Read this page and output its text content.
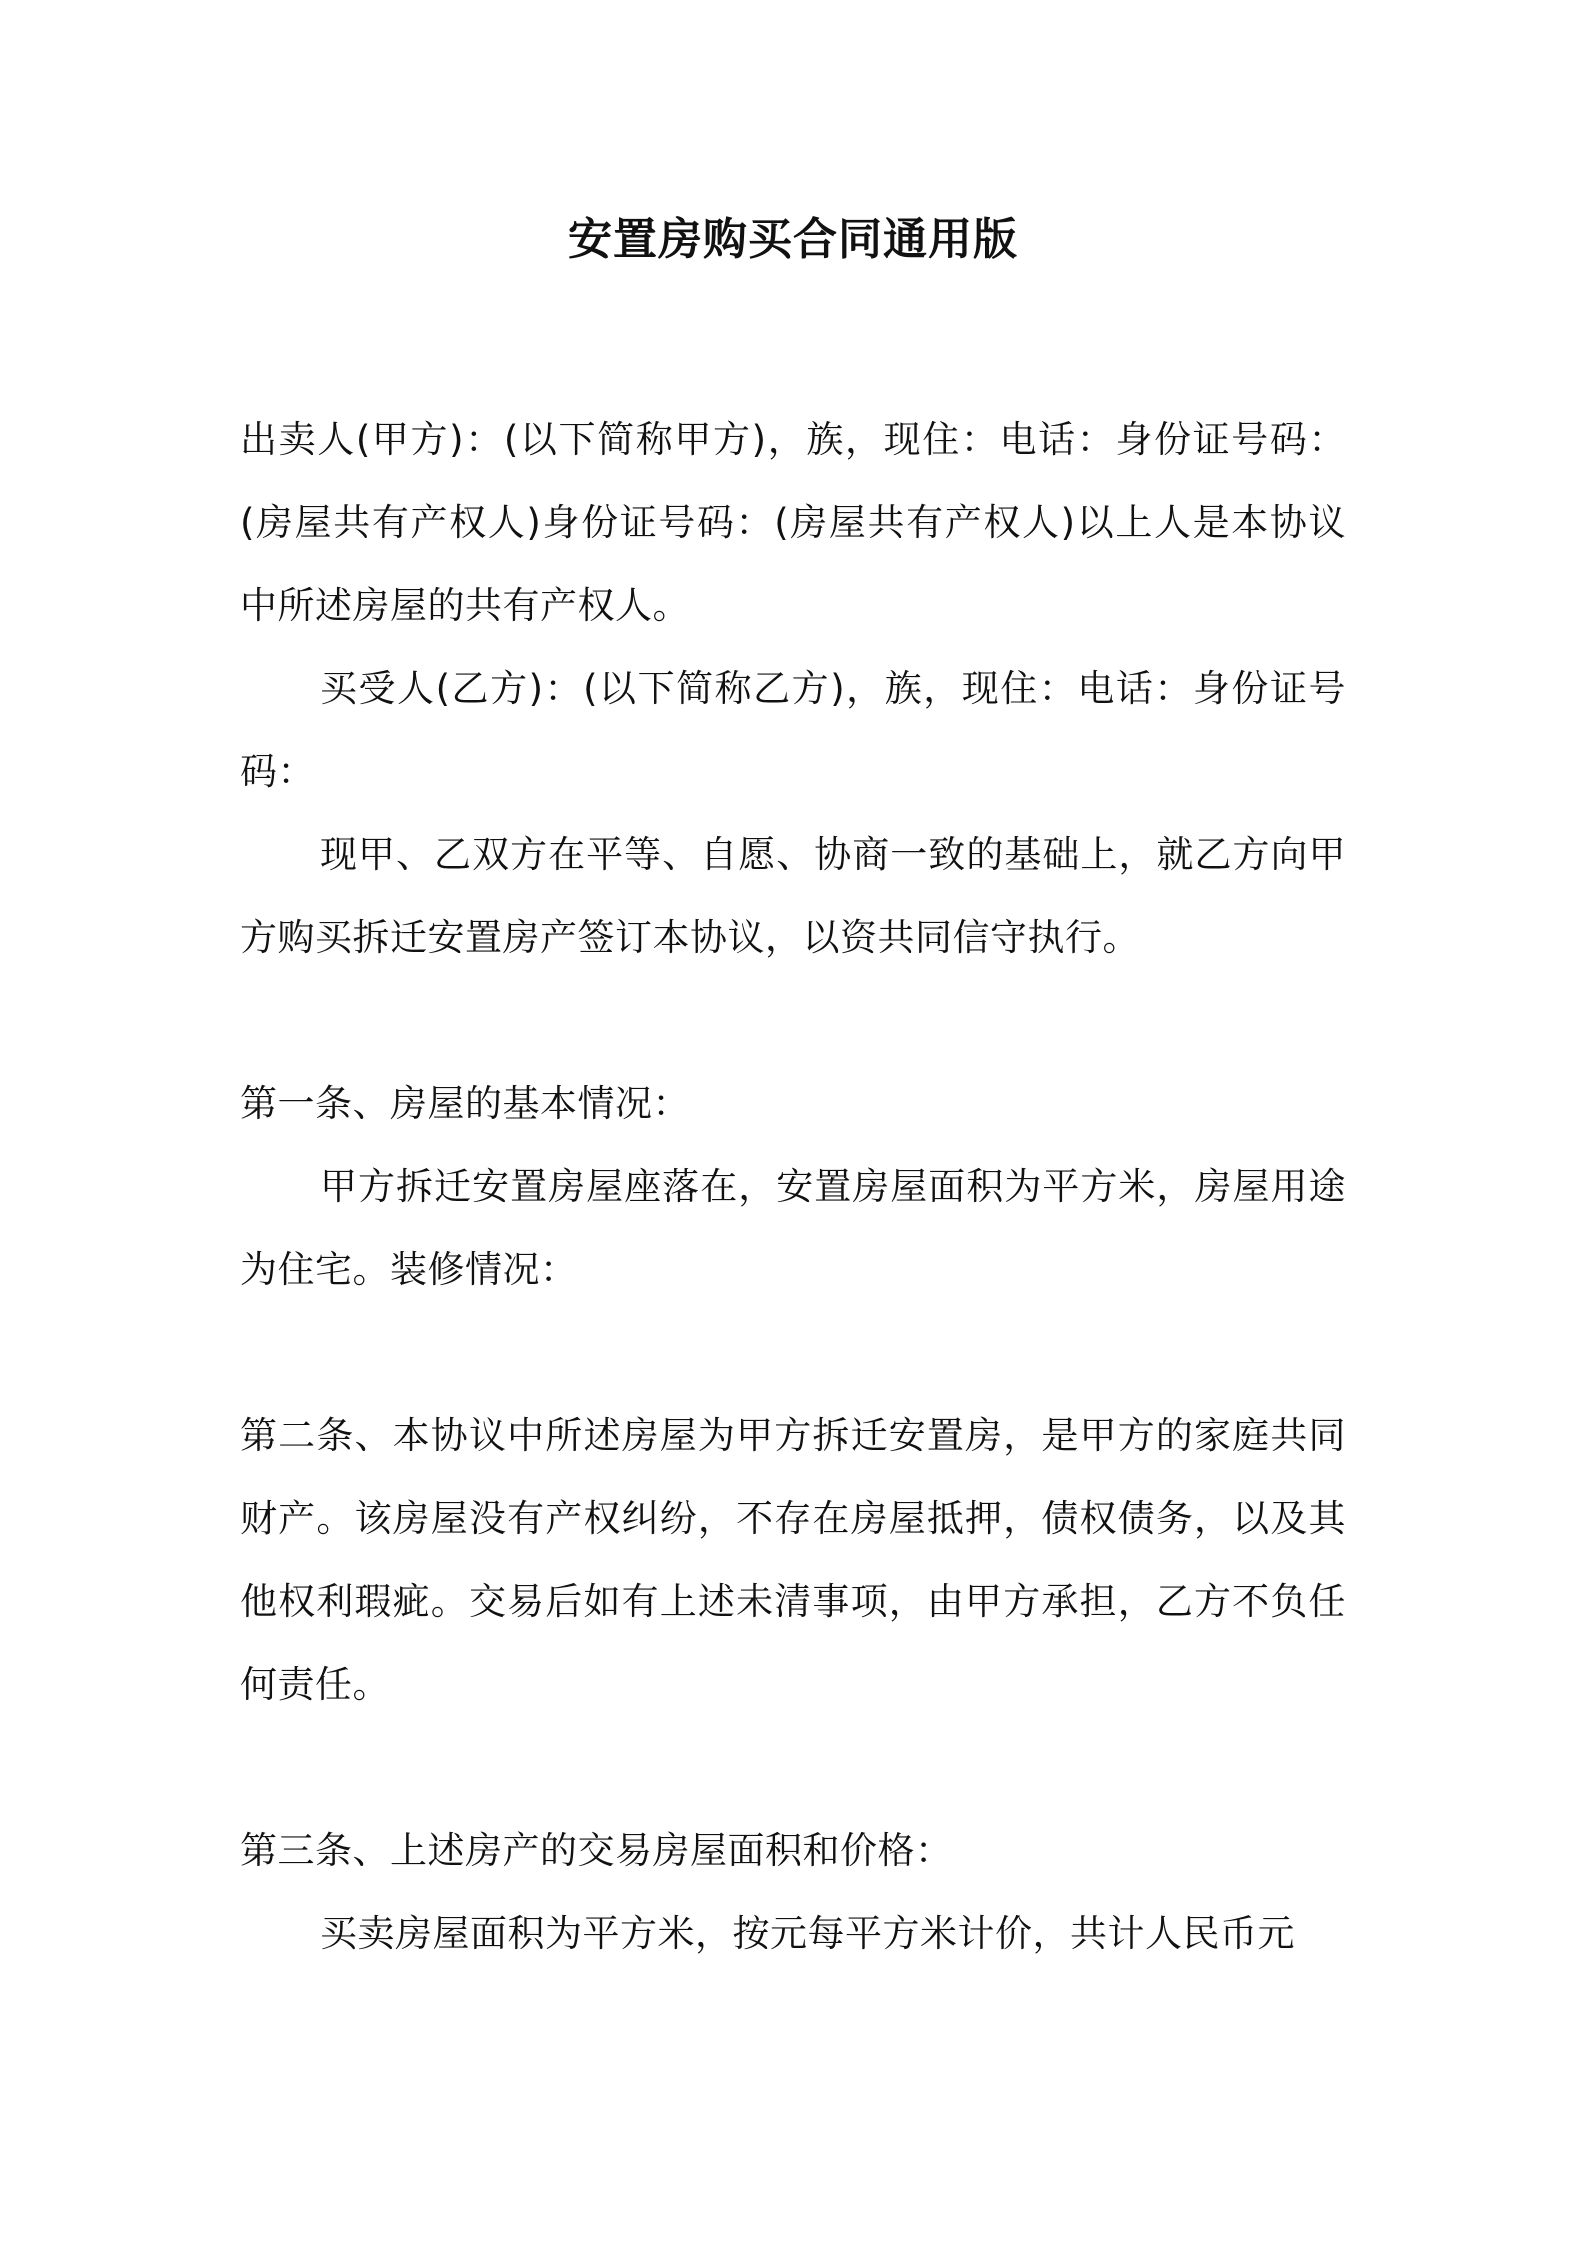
安置房购买合同通用版

出卖人(甲方)：(以下简称甲方)，族，现住：电话：身份证号码：(房屋共有产权人)身份证号码：(房屋共有产权人)以上人是本协议中所述房屋的共有产权人。

买受人(乙方)：(以下简称乙方)，族，现住：电话：身份证号码：

现甲、乙双方在平等、自愿、协商一致的基础上，就乙方向甲方购买拆迁安置房产签订本协议，以资共同信守执行。

第一条、房屋的基本情况：

甲方拆迁安置房屋座落在，安置房屋面积为平方米，房屋用途为住宅。装修情况：

第二条、本协议中所述房屋为甲方拆迁安置房，是甲方的家庭共同财产。该房屋没有产权纠纷，不存在房屋抵押，债权债务，以及其他权利瑕疵。交易后如有上述未清事项，由甲方承担，乙方不负任何责任。

第三条、上述房产的交易房屋面积和价格：

买卖房屋面积为平方米，按元每平方米计价，共计人民币元
